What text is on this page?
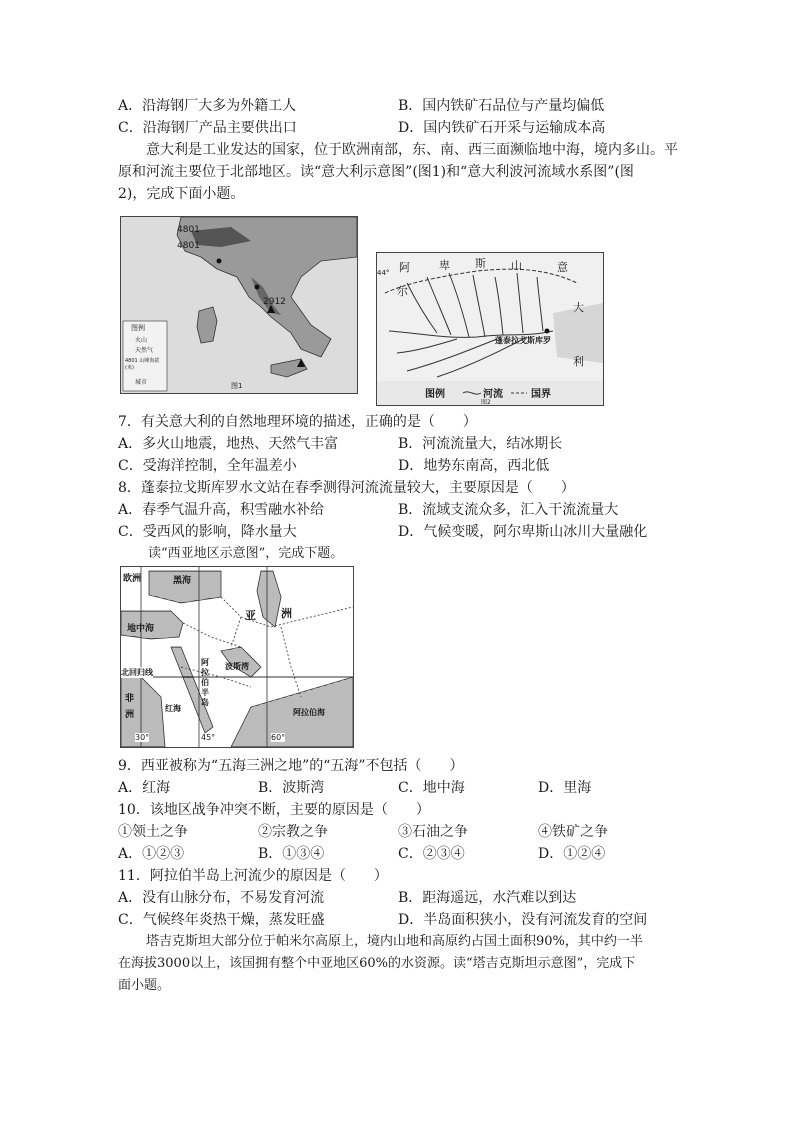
A．沿海钢厂大多为外籍工人	B．国内铁矿石品位与产量均偏低
C．沿海钢厂产品主要供出口	D．国内铁矿石开采与运输成本高
意大利是工业发达的国家，位于欧洲南部，东、南、西三面濒临地中海，境内多山。平
原和河流主要位于北部地区。读“意大利示意图”(图1)和“意大利波河流域水系图”(图
2)，完成下面小题。
4801
4801
2912
图例
火山
天然气
4801 山峰海拔(米)
城市	图1
阿
尔
卑 斯 山	意
大
利
44°
蓬泰拉戈斯库罗
图例	河流	国界
图2
7．有关意大利的自然地理环境的描述，正确的是（　　）
A．多火山地震，地热、天然气丰富	B．河流流量大，结冰期长
C．受海洋控制，全年温差小	D．地势东南高，西北低
8．蓬泰拉戈斯库罗水文站在春季测得河流流量较大，主要原因是（　　）
A．春季气温升高，积雪融水补给	B．流域支流众多，汇入干流流量大
C．受西风的影响，降水量大	D．气候变暖，阿尔卑斯山冰川大量融化
读“西亚地区示意图”，完成下题。
欧洲	黑海
亚 洲
地中海
波斯湾
阿
拉
伯
半
岛
北回归线
非
洲
红海	阿拉伯海
30°	45°	60°
9．西亚被称为“五海三洲之地”的“五海”不包括（　　）
A．红海	B．波斯湾	C．地中海	D．里海
10．该地区战争冲突不断，主要的原因是（　　）
①领土之争	②宗教之争	③石油之争	④铁矿之争
A．①②③	B．①③④	C．②③④	D．①②④
11．阿拉伯半岛上河流少的原因是（　　）
A．没有山脉分布，不易发育河流	B．距海遥远，水汽难以到达
C．气候终年炎热干燥，蒸发旺盛	D．半岛面积狭小，没有河流发育的空间
塔吉克斯坦大部分位于帕米尔高原上，境内山地和高原约占国土面积90%，其中约一半
在海拔3000以上，该国拥有整个中亚地区60%的水资源。读“塔吉克斯坦示意图”，完成下
面小题。
